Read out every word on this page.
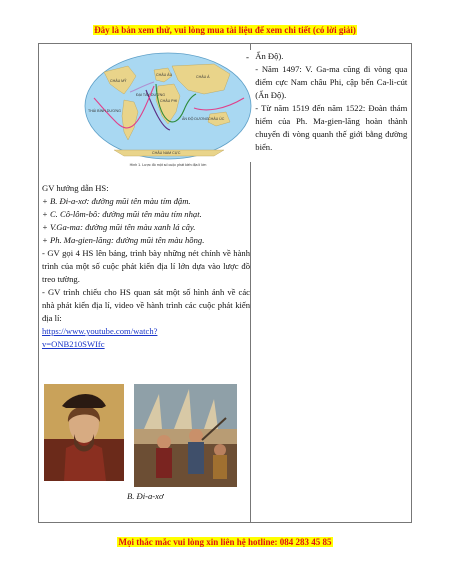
Đây là bản xem thử, vui lòng mua tài liệu để xem chi tiết (có lời giải)
CHÂU MỸ
CHÂU ÂU
CHÂU PHI
CHÂU Á
CHÂU ÚC
CHÂU NAM CỰC
ĐẠI TÂY DƯƠNG
THÁI BÌNH DƯƠNG
ẤN ĐỘ DƯƠNG
Hình 1. Lược đồ một số cuộc phát kiến địa lí lớn
-

GV hướng dẫn HS:

+ B. Đi-a-xơ: đường mũi tên màu tím đậm.

+ C. Cô-lôm-bô: đường mũi tên màu tím nhạt.

+ V.Ga-ma: đường mũi tên màu xanh lá cây.

+ Ph. Ma-gien-lăng: đường mũi tên màu hồng.

- GV gọi 4 HS lên bảng, trình bày những nét chính về hành trình của một số cuộc phát kiến địa lí lớn dựa vào lược đồ treo tường.

- GV trình chiếu cho HS quan sát một số hình ảnh về các nhà phát kiến địa lí, video về hành trình các cuộc phát kiến địa lí:

https://www.youtube.com/watch?
v=ONB210SWIfc
B. Đi-a-xơ

Ấn Độ).

- Năm 1497: V. Ga-ma cũng đi vòng qua điểm cực Nam châu Phi, cập bến Ca-li-cút (Ấn Độ).

- Từ năm 1519 đến năm 1522: Đoàn thám hiểm của Ph. Ma-gien-lăng hoàn thành chuyến đi vòng quanh thế giới bằng đường biển.

Mọi thắc mắc vui lòng xin liên hệ hotline: 084 283 45 85
